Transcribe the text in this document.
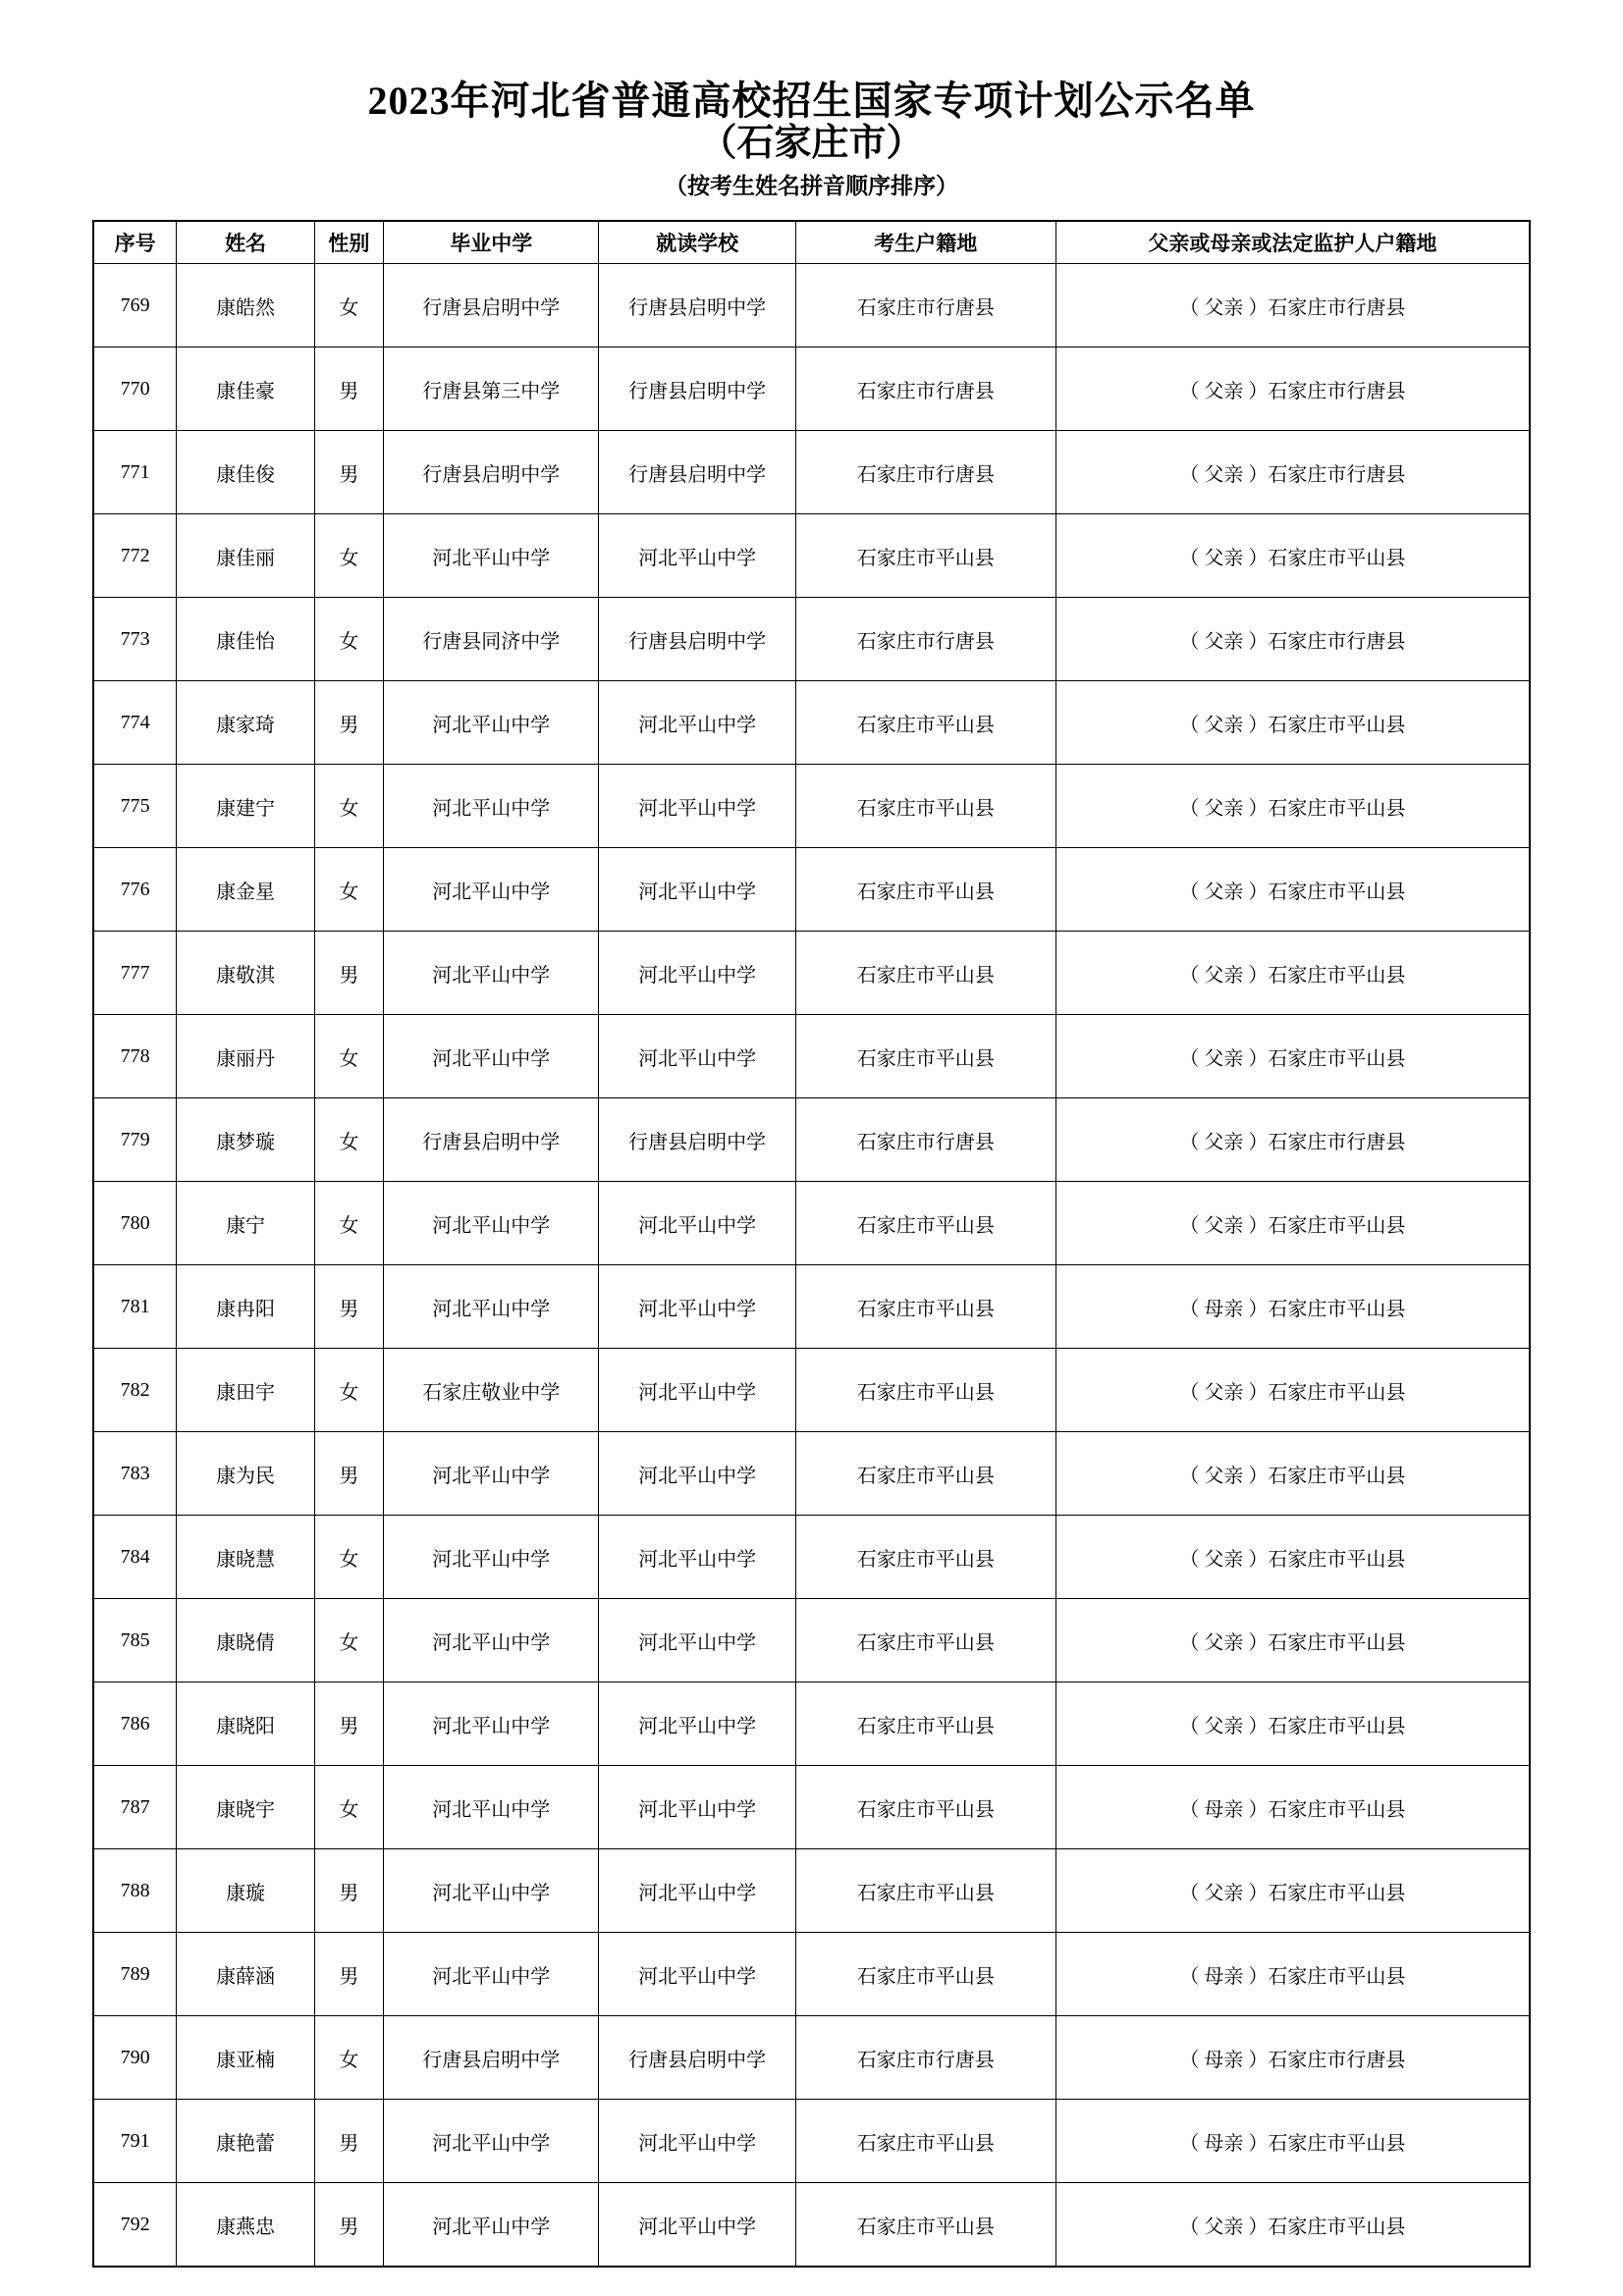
2023年河北省普通高校招生国家专项计划公示名单
（石家庄市）
（按考生姓名拼音顺序排序）
序号	姓名	性别	毕业中学	就读学校	考生户籍地	父亲或母亲或法定监护人户籍地
769	康皓然	女	行唐县启明中学	行唐县启明中学	石家庄市行唐县	（ 父亲 ）石家庄市行唐县
770	康佳豪	男	行唐县第三中学	行唐县启明中学	石家庄市行唐县	（ 父亲 ）石家庄市行唐县
771	康佳俊	男	行唐县启明中学	行唐县启明中学	石家庄市行唐县	（ 父亲 ）石家庄市行唐县
772	康佳丽	女	河北平山中学	河北平山中学	石家庄市平山县	（ 父亲 ）石家庄市平山县
773	康佳怡	女	行唐县同济中学	行唐县启明中学	石家庄市行唐县	（ 父亲 ）石家庄市行唐县
774	康家琦	男	河北平山中学	河北平山中学	石家庄市平山县	（ 父亲 ）石家庄市平山县
775	康建宁	女	河北平山中学	河北平山中学	石家庄市平山县	（ 父亲 ）石家庄市平山县
776	康金星	女	河北平山中学	河北平山中学	石家庄市平山县	（ 父亲 ）石家庄市平山县
777	康敬淇	男	河北平山中学	河北平山中学	石家庄市平山县	（ 父亲 ）石家庄市平山县
778	康丽丹	女	河北平山中学	河北平山中学	石家庄市平山县	（ 父亲 ）石家庄市平山县
779	康梦璇	女	行唐县启明中学	行唐县启明中学	石家庄市行唐县	（ 父亲 ）石家庄市行唐县
780	康宁	女	河北平山中学	河北平山中学	石家庄市平山县	（ 父亲 ）石家庄市平山县
781	康冉阳	男	河北平山中学	河北平山中学	石家庄市平山县	（ 母亲 ）石家庄市平山县
782	康田宇	女	石家庄敬业中学	河北平山中学	石家庄市平山县	（ 父亲 ）石家庄市平山县
783	康为民	男	河北平山中学	河北平山中学	石家庄市平山县	（ 父亲 ）石家庄市平山县
784	康晓慧	女	河北平山中学	河北平山中学	石家庄市平山县	（ 父亲 ）石家庄市平山县
785	康晓倩	女	河北平山中学	河北平山中学	石家庄市平山县	（ 父亲 ）石家庄市平山县
786	康晓阳	男	河北平山中学	河北平山中学	石家庄市平山县	（ 父亲 ）石家庄市平山县
787	康晓宇	女	河北平山中学	河北平山中学	石家庄市平山县	（ 母亲 ）石家庄市平山县
788	康璇	男	河北平山中学	河北平山中学	石家庄市平山县	（ 父亲 ）石家庄市平山县
789	康薛涵	男	河北平山中学	河北平山中学	石家庄市平山县	（ 母亲 ）石家庄市平山县
790	康亚楠	女	行唐县启明中学	行唐县启明中学	石家庄市行唐县	（ 母亲 ）石家庄市行唐县
791	康艳蕾	男	河北平山中学	河北平山中学	石家庄市平山县	（ 母亲 ）石家庄市平山县
792	康燕忠	男	河北平山中学	河北平山中学	石家庄市平山县	（ 父亲 ）石家庄市平山县
